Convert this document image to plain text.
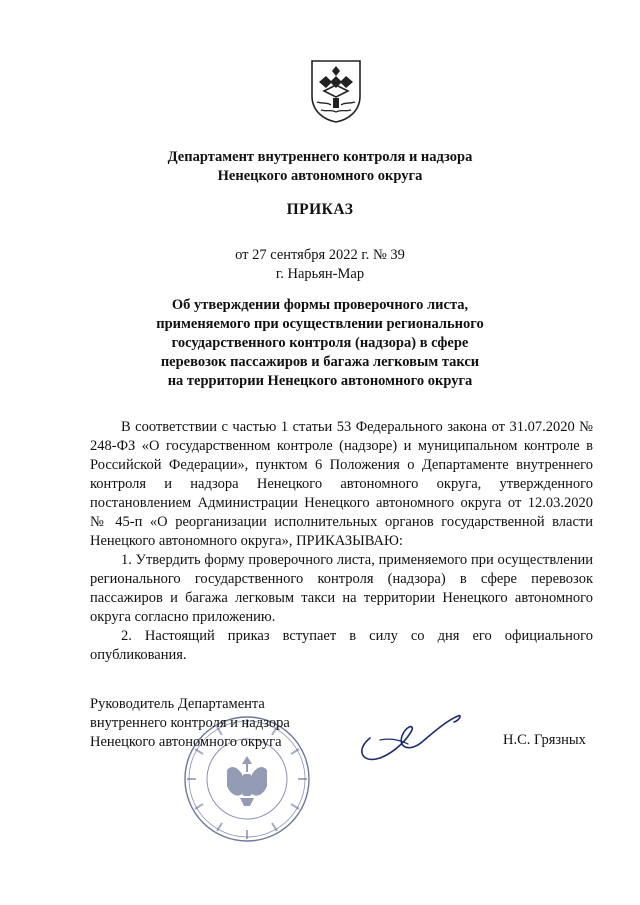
Департамент внутреннего контроля и надзора
Ненецкого автономного округа
ПРИКАЗ
от 27 сентября 2022 г. № 39
г. Нарьян-Мар
Об утверждении формы проверочного листа,
применяемого при осуществлении регионального
государственного контроля (надзора) в сфере
перевозок пассажиров и багажа легковым такси
на территории Ненецкого автономного округа

В соответствии с частью 1 статьи 53 Федерального закона от 31.07.2020 № 248-ФЗ «О государственном контроле (надзоре) и муниципальном контроле в Российской Федерации», пунктом 6 Положения о Департаменте внутреннего контроля и надзора Ненецкого автономного округа, утвержденного постановлением Администрации Ненецкого автономного округа от 12.03.2020 № 45-п «О реорганизации исполнительных органов государственной власти Ненецкого автономного округа», ПРИКАЗЫВАЮ:

1. Утвердить форму проверочного листа, применяемого при осуществлении регионального государственного контроля (надзора) в сфере перевозок пассажиров и багажа легковым такси на территории Ненецкого автономного округа согласно приложению.

2. Настоящий приказ вступает в силу со дня его официального опубликования.

Руководитель Департамента
внутреннего контроля и надзора
Ненецкого автономного округа	Н.С. Грязных
